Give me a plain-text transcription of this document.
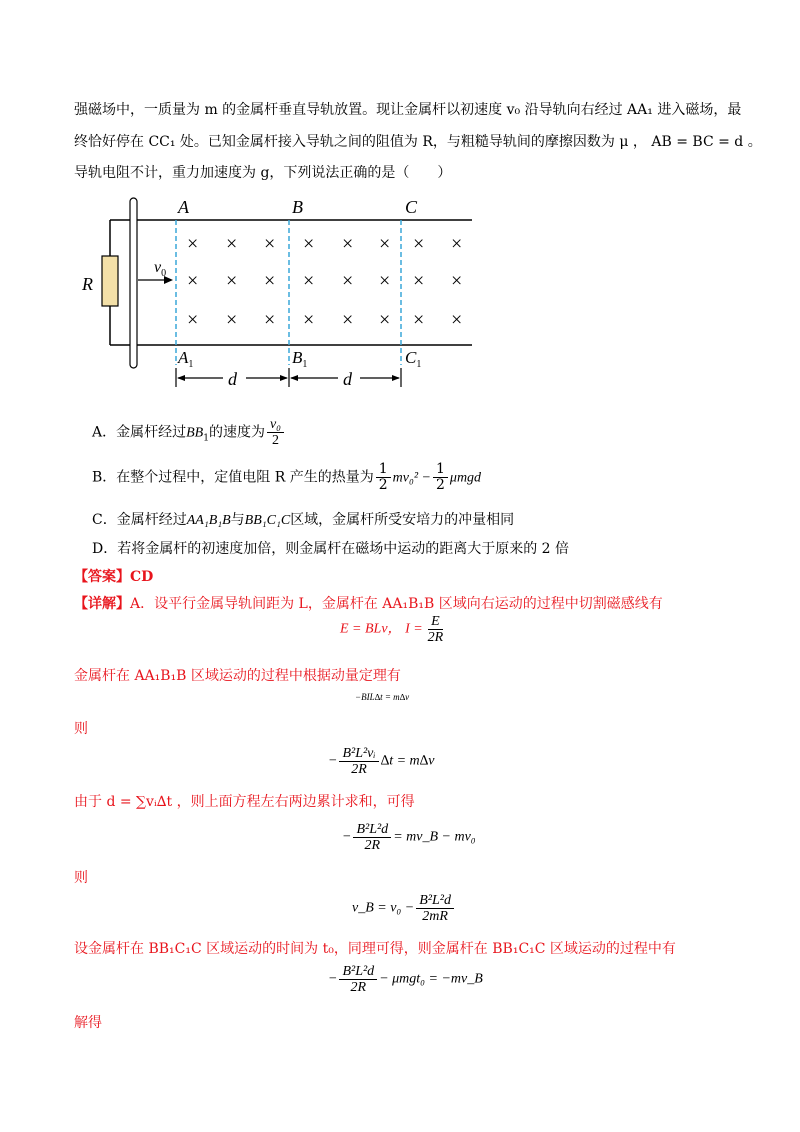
强磁场中，一质量为 m 的金属杆垂直导轨放置。现让金属杆以初速度 v₀ 沿导轨向右经过 AA₁ 进入磁场，最
终恰好停在 CC₁ 处。已知金属杆接入导轨之间的阻值为 R，与粗糙导轨间的摩擦因数为 μ ， AB = BC = d 。
导轨电阻不计，重力加速度为 g，下列说法正确的是（　　）
R
$v_0$
A	B	C
$A_1$	$B_1$	$C_1$
× × × × × × × ×
× × × × × × × ×
× × × × × × × ×
d	d
A．金属杆经过$BB_1$的速度为 $\frac{\text{v₀}}{2}$
B．在整个过程中，定值电阻 R 产生的热量为 $\frac{1}{2} mv_0^2 - \frac{1}{2}$ μmgd
C．金属杆经过AA₁B₁B与BB₁C₁C区域，金属杆所受安培力的冲量相同
D．若将金属杆的初速度加倍，则金属杆在磁场中运动的距离大于原来的 2 倍
【答案】CD
【详解】A．设平行金属导轨间距为 L，金属杆在 AA₁B₁B 区域向右运动的过程中切割磁感线有
E = BLv， $I = \frac{E}{2R}$
金属杆在 AA₁B₁B 区域运动的过程中根据动量定理有
−BIL∆t = m∆v
则
− $\frac{\text{B²L²vᵢ}}{2R} \Delta t = m\Delta v$
由于 d = ∑vᵢ∆t ，则上面方程左右两边累计求和，可得
− $\frac{\text{B²L²d}}{2R}$ = mv_B − mv₀
则
v_B = $v_0 - \frac{\text{B²L²d}}{2mR}$
设金属杆在 BB₁C₁C 区域运动的时间为 t₀，同理可得，则金属杆在 BB₁C₁C 区域运动的过程中有
− $\frac{\text{B²L²d}}{2R} - \mu mgt_0$ = −mv_B
解得
